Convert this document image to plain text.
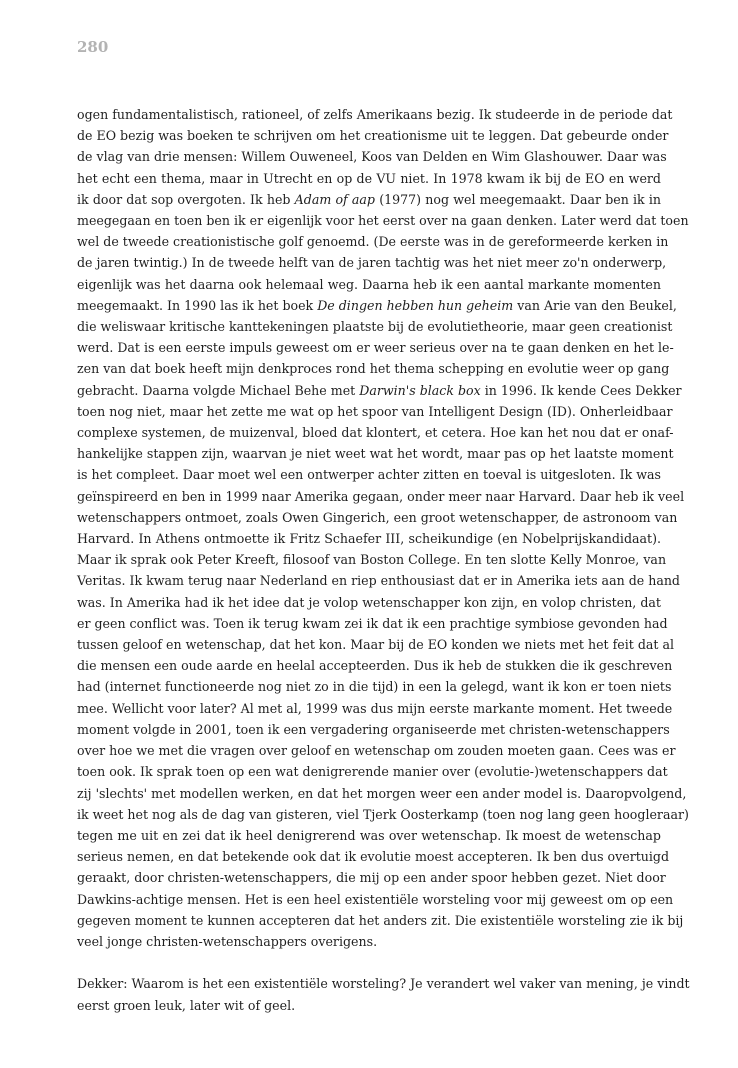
280
ogen fundamentalistisch, rationeel, of zelfs Amerikaans bezig. Ik studeerde in de periode dat
de EO bezig was boeken te schrijven om het creationisme uit te leggen. Dat gebeurde onder
de vlag van drie mensen: Willem Ouweneel, Koos van Delden en Wim Glashouwer. Daar was
het echt een thema, maar in Utrecht en op de VU niet. In 1978 kwam ik bij de EO en werd
ik door dat sop overgoten. Ik heb Adam of aap (1977) nog wel meegemaakt. Daar ben ik in
meegegaan en toen ben ik er eigenlijk voor het eerst over na gaan denken. Later werd dat toen
wel de tweede creationistische golf genoemd. (De eerste was in de gereformeerde kerken in
de jaren twintig.) In de tweede helft van de jaren tachtig was het niet meer zo'n onderwerp,
eigenlijk was het daarna ook helemaal weg. Daarna heb ik een aantal markante momenten
meegemaakt. In 1990 las ik het boek De dingen hebben hun geheim van Arie van den Beukel,
die weliswaar kritische kanttekeningen plaatste bij de evolutietheorie, maar geen creationist
werd. Dat is een eerste impuls geweest om er weer serieus over na te gaan denken en het le-
zen van dat boek heeft mijn denkproces rond het thema schepping en evolutie weer op gang
gebracht. Daarna volgde Michael Behe met Darwin's black box in 1996. Ik kende Cees Dekker
toen nog niet, maar het zette me wat op het spoor van Intelligent Design (ID). Onherleidbaar
complexe systemen, de muizenval, bloed dat klontert, et cetera. Hoe kan het nou dat er onaf-
hankelijke stappen zijn, waarvan je niet weet wat het wordt, maar pas op het laatste moment
is het compleet. Daar moet wel een ontwerper achter zitten en toeval is uitgesloten. Ik was
geïnspireerd en ben in 1999 naar Amerika gegaan, onder meer naar Harvard. Daar heb ik veel
wetenschappers ontmoet, zoals Owen Gingerich, een groot wetenschapper, de astronoom van
Harvard. In Athens ontmoette ik Fritz Schaefer III, scheikundige (en Nobelprijskandidaat).
Maar ik sprak ook Peter Kreeft, filosoof van Boston College. En ten slotte Kelly Monroe, van
Veritas. Ik kwam terug naar Nederland en riep enthousiast dat er in Amerika iets aan de hand
was. In Amerika had ik het idee dat je volop wetenschapper kon zijn, en volop christen, dat
er geen conflict was. Toen ik terug kwam zei ik dat ik een prachtige symbiose gevonden had
tussen geloof en wetenschap, dat het kon. Maar bij de EO konden we niets met het feit dat al
die mensen een oude aarde en heelal accepteerden. Dus ik heb de stukken die ik geschreven
had (internet functioneerde nog niet zo in die tijd) in een la gelegd, want ik kon er toen niets
mee. Wellicht voor later? Al met al, 1999 was dus mijn eerste markante moment. Het tweede
moment volgde in 2001, toen ik een vergadering organiseerde met christen-wetenschappers
over hoe we met die vragen over geloof en wetenschap om zouden moeten gaan. Cees was er
toen ook. Ik sprak toen op een wat denigrerende manier over (evolutie-)wetenschappers dat
zij 'slechts' met modellen werken, en dat het morgen weer een ander model is. Daaropvolgend,
ik weet het nog als de dag van gisteren, viel Tjerk Oosterkamp (toen nog lang geen hoogleraar)
tegen me uit en zei dat ik heel denigrerend was over wetenschap. Ik moest de wetenschap
serieus nemen, en dat betekende ook dat ik evolutie moest accepteren. Ik ben dus overtuigd
geraakt, door christen-wetenschappers, die mij op een ander spoor hebben gezet. Niet door
Dawkins-achtige mensen. Het is een heel existentiële worsteling voor mij geweest om op een
gegeven moment te kunnen accepteren dat het anders zit. Die existentiële worsteling zie ik bij
veel jonge christen-wetenschappers overigens.
Dekker: Waarom is het een existentiële worsteling? Je verandert wel vaker van mening, je vindt
eerst groen leuk, later wit of geel.
